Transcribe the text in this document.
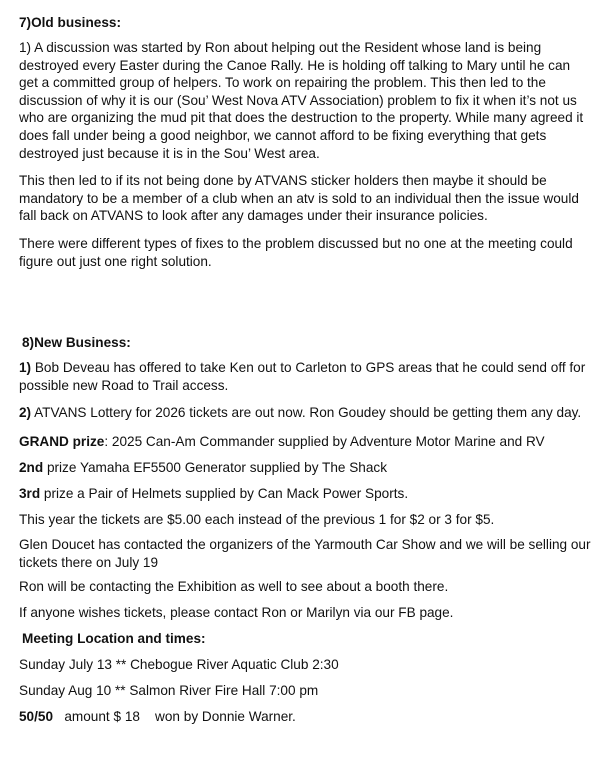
7)Old business:

1) A discussion was started by Ron about helping out the Resident whose land is being destroyed every Easter during the Canoe Rally. He is holding off talking to Mary until he can get a committed group of helpers. To work on repairing the problem. This then led to the discussion of why it is our (Sou’ West Nova ATV Association) problem to fix it when it’s not us who are organizing the mud pit that does the destruction to the property. While many agreed it does fall under being a good neighbor, we cannot afford to be fixing everything that gets destroyed just because it is in the Sou’ West area.

This then led to if its not being done by ATVANS sticker holders then maybe it should be mandatory to be a member of a club when an atv is sold to an individual then the issue would fall back on ATVANS to look after any damages under their insurance policies.

There were different types of fixes to the problem discussed but no one at the meeting could figure out just one right solution.

8)New Business:

1) Bob Deveau has offered to take Ken out to Carleton to GPS areas that he could send off for possible new Road to Trail access.

2) ATVANS Lottery for 2026 tickets are out now. Ron Goudey should be getting them any day.

GRAND prize: 2025 Can-Am Commander supplied by Adventure Motor Marine and RV

2nd prize Yamaha EF5500 Generator supplied by The Shack

3rd prize a Pair of Helmets supplied by Can Mack Power Sports.

This year the tickets are $5.00 each instead of the previous 1 for $2 or 3 for $5.

Glen Doucet has contacted the organizers of the Yarmouth Car Show and we will be selling our tickets there on July 19

Ron will be contacting the Exhibition as well to see about a booth there.

If anyone wishes tickets, please contact Ron or Marilyn via our FB page.

Meeting Location and times:

Sunday July 13 ** Chebogue River Aquatic Club 2:30

Sunday Aug 10 ** Salmon River Fire Hall 7:00 pm

50/50   amount $ 18    won by Donnie Warner.
